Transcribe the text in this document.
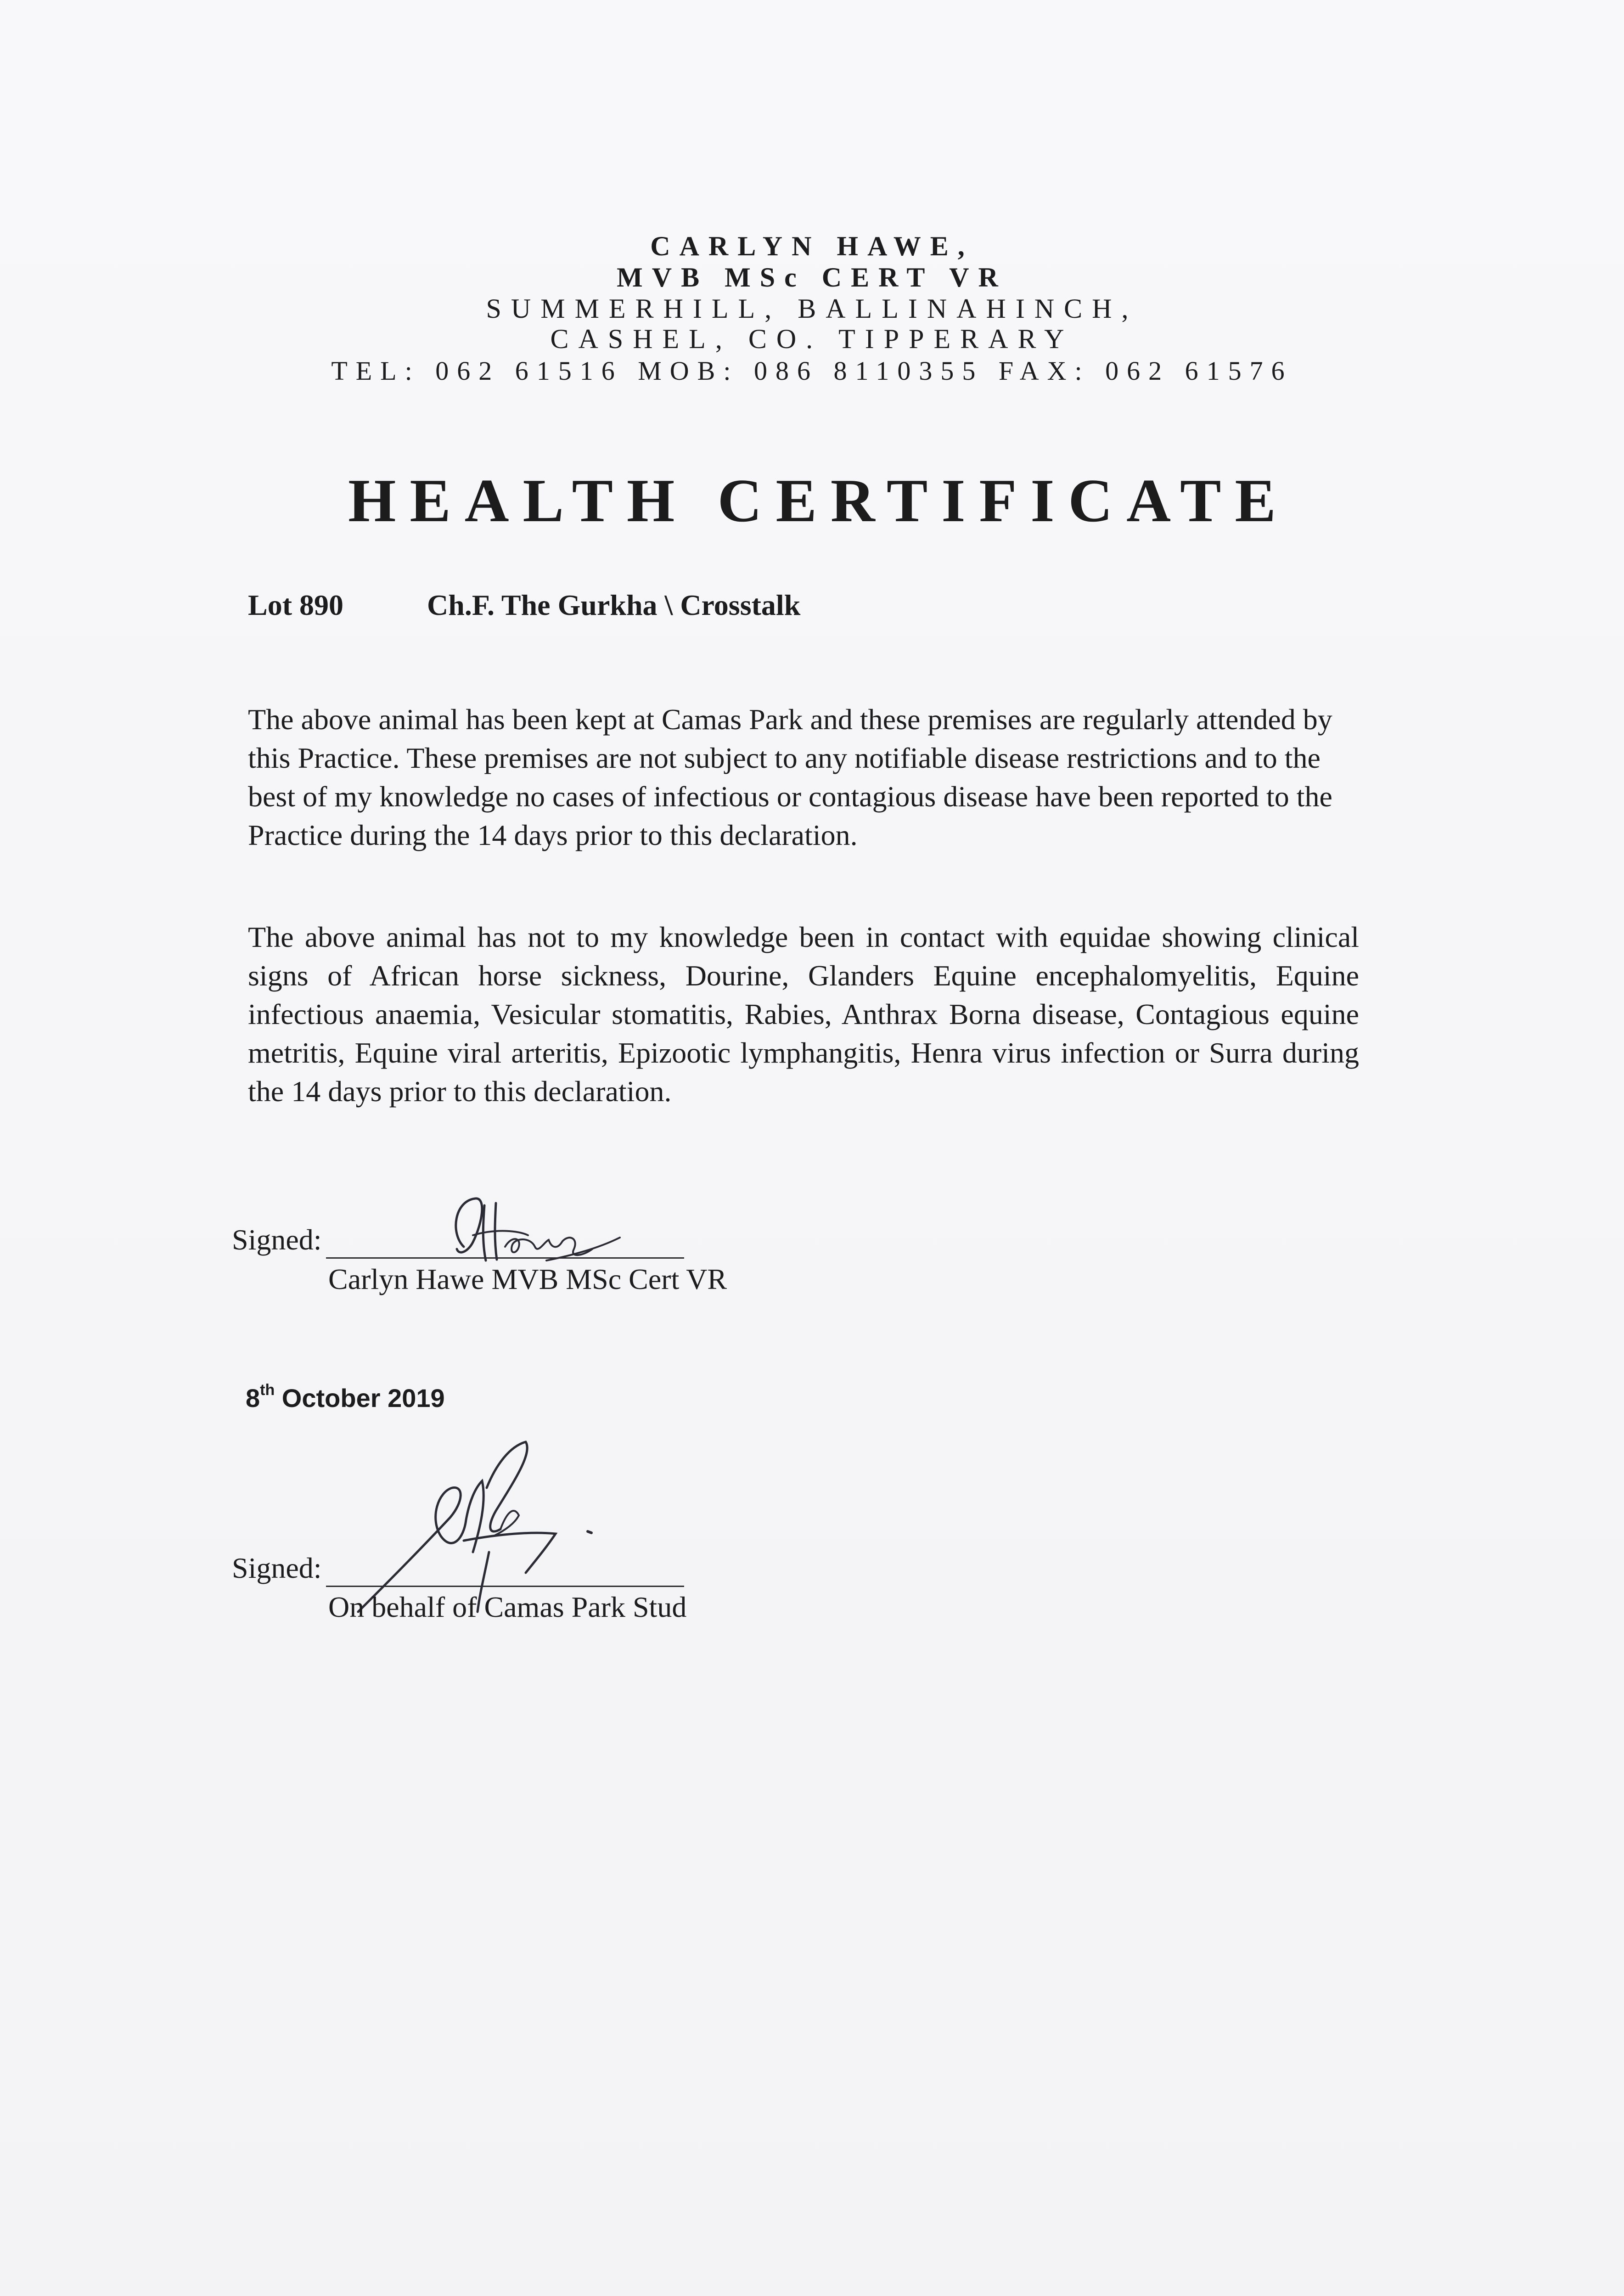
CARLYN HAWE,
MVB MSc CERT VR
SUMMERHILL, BALLINAHINCH,
CASHEL, CO. TIPPERARY
TEL: 062 61516 MOB: 086 8110355 FAX: 062 61576
HEALTH CERTIFICATE
Lot 890	Ch.F. The Gurkha \ Crosstalk
The above animal has been kept at Camas Park and these premises are regularly attended by this Practice. These premises are not subject to any notifiable disease restrictions and to the best of my knowledge no cases of infectious or contagious disease have been reported to the Practice during the 14 days prior to this declaration.
The above animal has not to my knowledge been in contact with equidae showing clinical signs of African horse sickness, Dourine, Glanders Equine encephalomyelitis, Equine infectious anaemia, Vesicular stomatitis, Rabies, Anthrax Borna disease, Contagious equine metritis, Equine viral arteritis, Epizootic lymphangitis, Henra virus infection or Surra during the 14 days prior to this declaration.
Signed:
Carlyn Hawe MVB MSc Cert VR
8th October 2019
Signed:
On behalf of Camas Park Stud
